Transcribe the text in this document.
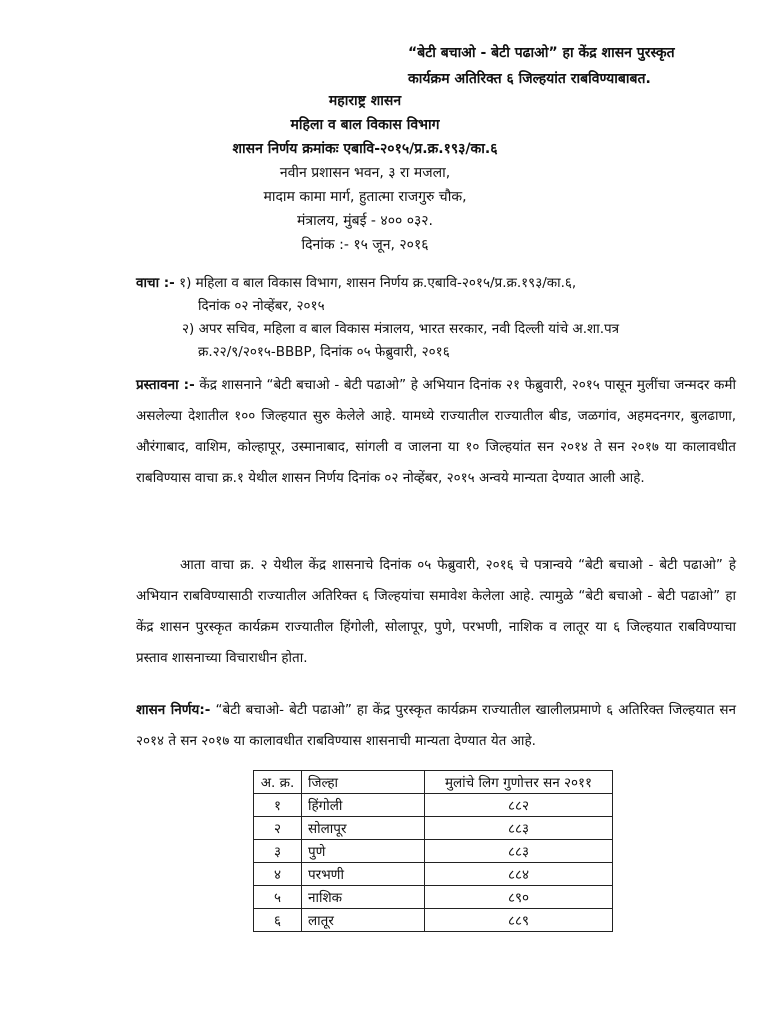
“बेटी बचाओ - बेटी पढाओ” हा केंद्र शासन पुरस्कृत
कार्यक्रम अतिरिक्त ६ जिल्हयांत राबविण्याबाबत.
महाराष्ट्र शासन
महिला व बाल विकास विभाग
शासन निर्णय क्रमांकः एबावि-२०१५/प्र.क्र.१९३/का.६
नवीन प्रशासन भवन, ३ रा मजला,
मादाम कामा मार्ग, हुतात्मा राजगुरु चौक,
मंत्रालय, मुंबई - ४०० ०३२.
दिनांक :- १५ जून, २०१६
वाचा :- १) महिला व बाल विकास विभाग, शासन निर्णय क्र.एबावि-२०१५/प्र.क्र.१९३/का.६,
दिनांक ०२ नोव्हेंबर, २०१५
२) अपर सचिव, महिला व बाल विकास मंत्रालय, भारत सरकार, नवी दिल्ली यांचे अ.शा.पत्र
क्र.२२/९/२०१५-BBBP, दिनांक ०५ फेब्रुवारी, २०१६
प्रस्तावना :- केंद्र शासनाने “बेटी बचाओ - बेटी पढाओ” हे अभियान दिनांक २१ फेब्रुवारी, २०१५ पासून मुलींचा जन्मदर कमी असलेल्या देशातील १०० जिल्हयात सुरु केलेले आहे. यामध्ये राज्यातील राज्यातील बीड, जळगांव, अहमदनगर, बुलढाणा, औरंगाबाद, वाशिम, कोल्हापूर, उस्मानाबाद, सांगली व जालना या १० जिल्हयांत सन २०१४ ते सन २०१७ या कालावधीत राबविण्यास वाचा क्र.१ येथील शासन निर्णय दिनांक ०२ नोव्हेंबर, २०१५ अन्वये मान्यता देण्यात आली आहे.
आता वाचा क्र. २ येथील केंद्र शासनाचे दिनांक ०५ फेब्रुवारी, २०१६ चे पत्रान्वये “बेटी बचाओ - बेटी पढाओ” हे अभियान राबविण्यासाठी राज्यातील अतिरिक्त ६ जिल्हयांचा समावेश केलेला आहे. त्यामुळे “बेटी बचाओ - बेटी पढाओ” हा केंद्र शासन पुरस्कृत कार्यक्रम राज्यातील हिंगोली, सोलापूर, पुणे, परभणी, नाशिक व लातूर या ६ जिल्हयात राबविण्याचा प्रस्ताव शासनाच्या विचाराधीन होता.
शासन निर्णय:- “बेटी बचाओ- बेटी पढाओ” हा केंद्र पुरस्कृत कार्यक्रम राज्यातील खालीलप्रमाणे ६ अतिरिक्त जिल्हयात सन २०१४ ते सन २०१७ या कालावधीत राबविण्यास शासनाची मान्यता देण्यात येत आहे.
अ. क्र.	जिल्हा	मुलांचे लिग गुणोत्तर सन २०११
१	हिंगोली	८८२
२	सोलापूर	८८३
३	पुणे	८८३
४	परभणी	८८४
५	नाशिक	८९०
६	लातूर	८८९
